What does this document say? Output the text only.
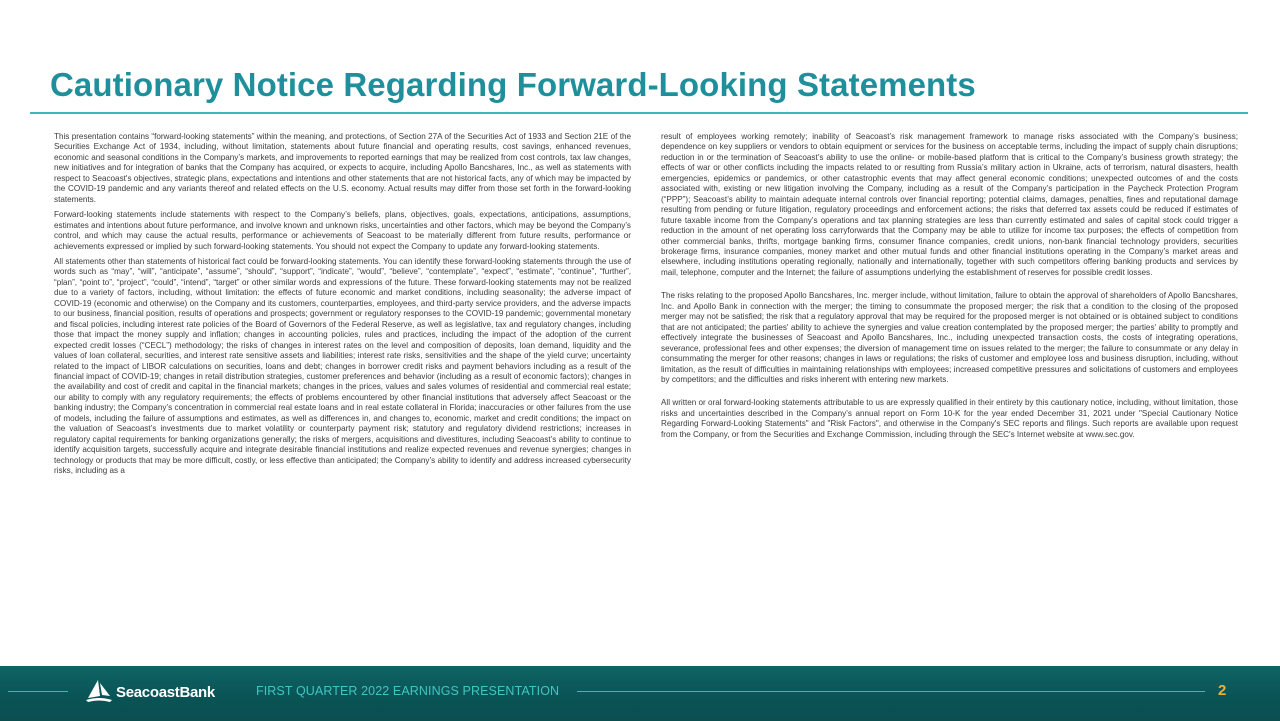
Cautionary Notice Regarding Forward-Looking Statements

This presentation contains “forward-looking statements” within the meaning, and protections, of Section 27A of the Securities Act of 1933 and Section 21E of the Securities Exchange Act of 1934, including, without limitation, statements about future financial and operating results, cost savings, enhanced revenues, economic and seasonal conditions in the Company’s markets, and improvements to reported earnings that may be realized from cost controls, tax law changes, new initiatives and for integration of banks that the Company has acquired, or expects to acquire, including Apollo Bancshares, Inc., as well as statements with respect to Seacoast's objectives, strategic plans, expectations and intentions and other statements that are not historical facts, any of which may be impacted by the COVID-19 pandemic and any variants thereof and related effects on the U.S. economy. Actual results may differ from those set forth in the forward-looking statements.

Forward-looking statements include statements with respect to the Company’s beliefs, plans, objectives, goals, expectations, anticipations, assumptions, estimates and intentions about future performance, and involve known and unknown risks, uncertainties and other factors, which may be beyond the Company’s control, and which may cause the actual results, performance or achievements of Seacoast to be materially different from future results, performance or achievements expressed or implied by such forward-looking statements. You should not expect the Company to update any forward-looking statements.

All statements other than statements of historical fact could be forward-looking statements. You can identify these forward-looking statements through the use of words such as “may”, “will”, “anticipate”, “assume”, “should”, “support”, “indicate”, “would”, “believe”, “contemplate”, “expect”, “estimate”, “continue”, “further”, “plan”, “point to”, “project”, “could”, “intend”, “target” or other similar words and expressions of the future. These forward-looking statements may not be realized due to a variety of factors, including, without limitation: the effects of future economic and market conditions, including seasonality; the adverse impact of COVID-19 (economic and otherwise) on the Company and its customers, counterparties, employees, and third-party service providers, and the adverse impacts to our business, financial position, results of operations and prospects; government or regulatory responses to the COVID-19 pandemic; governmental monetary and fiscal policies, including interest rate policies of the Board of Governors of the Federal Reserve, as well as legislative, tax and regulatory changes, including those that impact the money supply and inflation; changes in accounting policies, rules and practices, including the impact of the adoption of the current expected credit losses (“CECL”) methodology; the risks of changes in interest rates on the level and composition of deposits, loan demand, liquidity and the values of loan collateral, securities, and interest rate sensitive assets and liabilities; interest rate risks, sensitivities and the shape of the yield curve; uncertainty related to the impact of LIBOR calculations on securities, loans and debt; changes in borrower credit risks and payment behaviors including as a result of the financial impact of COVID-19; changes in retail distribution strategies, customer preferences and behavior (including as a result of economic factors); changes in the availability and cost of credit and capital in the financial markets; changes in the prices, values and sales volumes of residential and commercial real estate; our ability to comply with any regulatory requirements; the effects of problems encountered by other financial institutions that adversely affect Seacoast or the banking industry; the Company’s concentration in commercial real estate loans and in real estate collateral in Florida; inaccuracies or other failures from the use of models, including the failure of assumptions and estimates, as well as differences in, and changes to, economic, market and credit conditions; the impact on the valuation of Seacoast’s investments due to market volatility or counterparty payment risk; statutory and regulatory dividend restrictions; increases in regulatory capital requirements for banking organizations generally; the risks of mergers, acquisitions and divestitures, including Seacoast’s ability to continue to identify acquisition targets, successfully acquire and integrate desirable financial institutions and realize expected revenues and revenue synergies; changes in technology or products that may be more difficult, costly, or less effective than anticipated; the Company’s ability to identify and address increased cybersecurity risks, including as a

result of employees working remotely; inability of Seacoast’s risk management framework to manage risks associated with the Company’s business; dependence on key suppliers or vendors to obtain equipment or services for the business on acceptable terms, including the impact of supply chain disruptions; reduction in or the termination of Seacoast’s ability to use the online- or mobile-based platform that is critical to the Company’s business growth strategy; the effects of war or other conflicts including the impacts related to or resulting from Russia’s military action in Ukraine, acts of terrorism, natural disasters, health emergencies, epidemics or pandemics, or other catastrophic events that may affect general economic conditions; unexpected outcomes of and the costs associated with, existing or new litigation involving the Company, including as a result of the Company’s participation in the Paycheck Protection Program (“PPP”); Seacoast’s ability to maintain adequate internal controls over financial reporting; potential claims, damages, penalties, fines and reputational damage resulting from pending or future litigation, regulatory proceedings and enforcement actions; the risks that deferred tax assets could be reduced if estimates of future taxable income from the Company’s operations and tax planning strategies are less than currently estimated and sales of capital stock could trigger a reduction in the amount of net operating loss carryforwards that the Company may be able to utilize for income tax purposes; the effects of competition from other commercial banks, thrifts, mortgage banking firms, consumer finance companies, credit unions, non-bank financial technology providers, securities brokerage firms, insurance companies, money market and other mutual funds and other financial institutions operating in the Company’s market areas and elsewhere, including institutions operating regionally, nationally and internationally, together with such competitors offering banking products and services by mail, telephone, computer and the Internet; the failure of assumptions underlying the establishment of reserves for possible credit losses.

The risks relating to the proposed Apollo Bancshares, Inc. merger include, without limitation, failure to obtain the approval of shareholders of Apollo Bancshares, Inc. and Apollo Bank in connection with the merger; the timing to consummate the proposed merger; the risk that a condition to the closing of the proposed merger may not be satisfied; the risk that a regulatory approval that may be required for the proposed merger is not obtained or is obtained subject to conditions that are not anticipated; the parties' ability to achieve the synergies and value creation contemplated by the proposed merger; the parties' ability to promptly and effectively integrate the businesses of Seacoast and Apollo Bancshares, Inc., including unexpected transaction costs, the costs of integrating operations, severance, professional fees and other expenses; the diversion of management time on issues related to the merger; the failure to consummate or any delay in consummating the merger for other reasons; changes in laws or regulations; the risks of customer and employee loss and business disruption, including, without limitation, as the result of difficulties in maintaining relationships with employees; increased competitive pressures and solicitations of customers and employees by competitors; and the difficulties and risks inherent with entering new markets.

All written or oral forward-looking statements attributable to us are expressly qualified in their entirety by this cautionary notice, including, without limitation, those risks and uncertainties described in the Company’s annual report on Form 10-K for the year ended December 31, 2021 under "Special Cautionary Notice Regarding Forward-Looking Statements" and "Risk Factors", and otherwise in the Company's SEC reports and filings. Such reports are available upon request from the Company, or from the Securities and Exchange Commission, including through the SEC's Internet website at www.sec.gov.

SeacoastBank	FIRST QUARTER 2022 EARNINGS PRESENTATION	2
